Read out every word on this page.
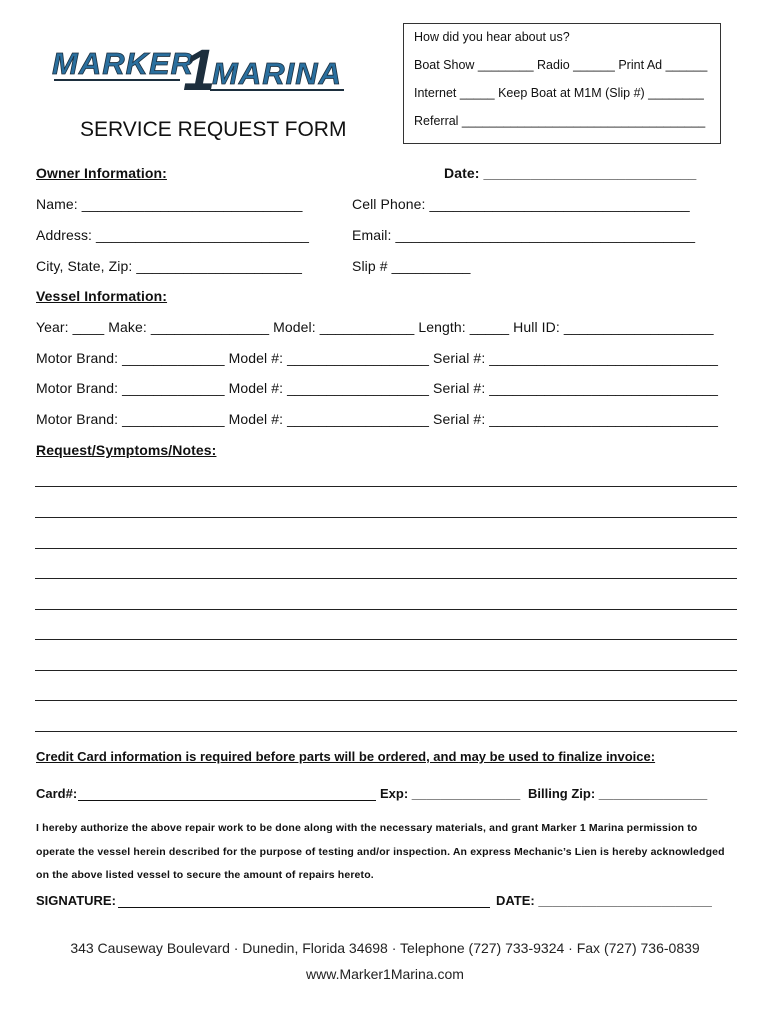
MARKER
1
MARINA
How did you hear about us?
Boat Show ________ Radio ______ Print Ad ______
Internet _____ Keep Boat at M1M (Slip #) ________
Referral ___________________________________
SERVICE REQUEST FORM
Owner Information:	Date: ___________________________
Name: ____________________________	Cell Phone: _________________________________
Address: ___________________________	Email: ______________________________________
City, State, Zip: _____________________	Slip # __________
Vessel Information:
Year: ____ Make: _______________ Model: ____________ Length: _____ Hull ID: ___________________
Motor Brand: _____________ Model #: __________________ Serial #: _____________________________
Motor Brand: _____________ Model #: __________________ Serial #: _____________________________
Motor Brand: _____________ Model #: __________________ Serial #: _____________________________
Request/Symptoms/Notes:
Credit Card information is required before parts will be ordered, and may be used to finalize invoice:
Card#:	Exp: _______________ Billing Zip: _______________
I hereby authorize the above repair work to be done along with the necessary materials, and grant Marker 1 Marina permission to
operate the vessel herein described for the purpose of testing and/or inspection. An express Mechanic’s Lien is hereby acknowledged
on the above listed vessel to secure the amount of repairs hereto.
SIGNATURE:	DATE: ________________________
343 Causeway Boulevard · Dunedin, Florida 34698 · Telephone (727) 733-9324 · Fax (727) 736-0839
www.Marker1Marina.com
